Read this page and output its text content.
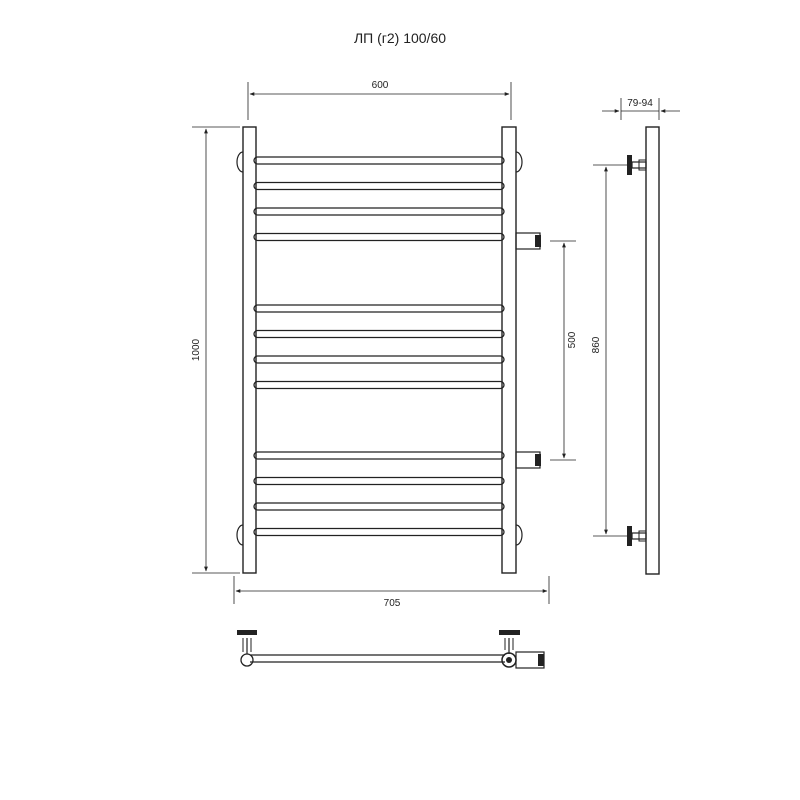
ЛП (г2) 100/60
600
1000	500
705
79-94
860
